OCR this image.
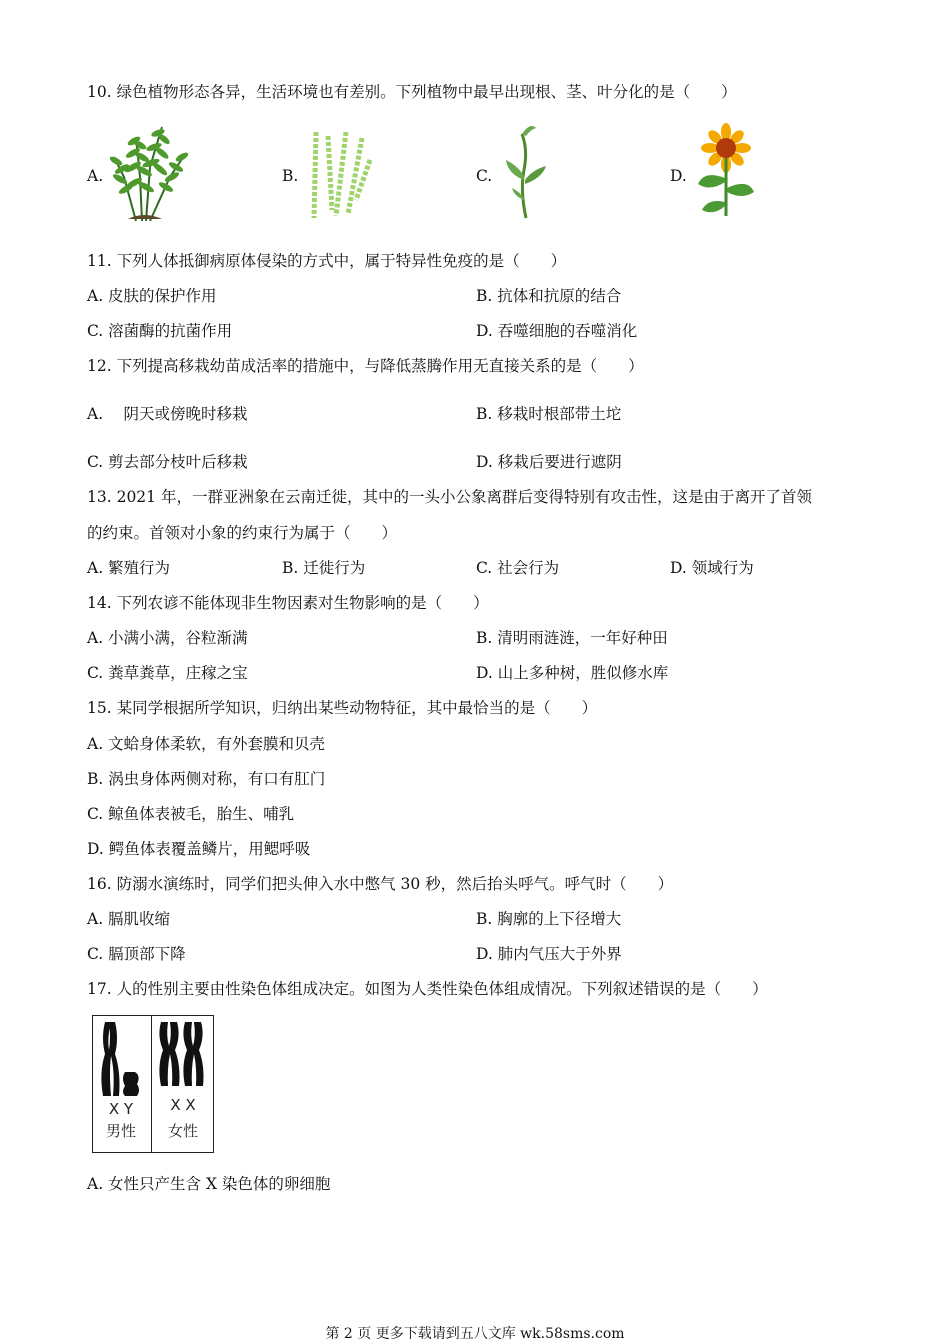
10. 绿色植物形态各异，生活环境也有差别。下列植物中最早出现根、茎、叶分化的是（　　）
A.	B.	C.	D.
11. 下列人体抵御病原体侵染的方式中，属于特异性免疫的是（　　）
A. 皮肤的保护作用	B. 抗体和抗原的结合
C. 溶菌酶的抗菌作用	D. 吞噬细胞的吞噬消化
12. 下列提高移栽幼苗成活率的措施中，与降低蒸腾作用无直接关系的是（　　）
A.　 阴天或傍晚时移栽	B. 移栽时根部带土坨
C. 剪去部分枝叶后移栽	D. 移栽后要进行遮阴
13. 2021 年，一群亚洲象在云南迁徙，其中的一头小公象离群后变得特别有攻击性，这是由于离开了首领
的约束。首领对小象的约束行为属于（　　）
A. 繁殖行为	B. 迁徙行为	C. 社会行为	D. 领域行为
14. 下列农谚不能体现非生物因素对生物影响的是（　　）
A. 小满小满，谷粒渐满	B. 清明雨涟涟，一年好种田
C. 粪草粪草，庄稼之宝	D. 山上多种树，胜似修水库
15. 某同学根据所学知识，归纳出某些动物特征，其中最恰当的是（　　）
A. 文蛤身体柔软，有外套膜和贝壳
B. 涡虫身体两侧对称，有口有肛门
C. 鲸鱼体表被毛，胎生、哺乳
D. 鳄鱼体表覆盖鳞片，用鳃呼吸
16. 防溺水演练时，同学们把头伸入水中憋气 30 秒，然后抬头呼气。呼气时（　　）
A. 膈肌收缩	B. 胸廓的上下径增大
C. 膈顶部下降	D. 肺内气压大于外界
17. 人的性别主要由性染色体组成决定。如图为人类性染色体组成情况。下列叙述错误的是（　　）
X Y
男性
X X
女性
A. 女性只产生含 X 染色体的卵细胞
第 2 页 更多下载请到五八文库 wk.58sms.com
